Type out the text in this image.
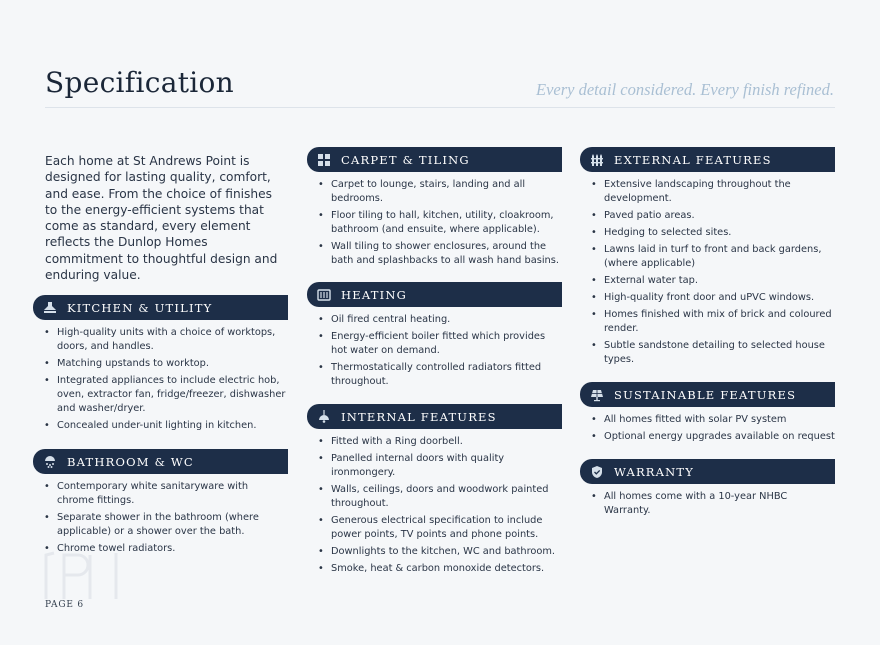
Specification	Every detail considered. Every finish refined.

Each home at St Andrews Point is designed for lasting quality, comfort, and ease. From the choice of finishes to the energy-efficient systems that come as standard, every element reflects the Dunlop Homes commitment to thoughtful design and enduring value.

KITCHEN & UTILITY
• High-quality units with a choice of worktops, doors, and handles.
• Matching upstands to worktop.
• Integrated appliances to include electric hob, oven, extractor fan, fridge/freezer, dishwasher and washer/dryer.
• Concealed under-unit lighting in kitchen.
BATHROOM & WC
• Contemporary white sanitaryware with chrome fittings.
• Separate shower in the bathroom (where applicable) or a shower over the bath.
• Chrome towel radiators.
CARPET & TILING
• Carpet to lounge, stairs, landing and all bedrooms.
• Floor tiling to hall, kitchen, utility, cloakroom, bathroom (and ensuite, where applicable).
• Wall tiling to shower enclosures, around the bath and splashbacks to all wash hand basins.
HEATING
• Oil fired central heating.
• Energy-efficient boiler fitted which provides hot water on demand.
• Thermostatically controlled radiators fitted throughout.
INTERNAL FEATURES
• Fitted with a Ring doorbell.
• Panelled internal doors with quality ironmongery.
• Walls, ceilings, doors and woodwork painted throughout.
• Generous electrical specification to include power points, TV points and phone points.
• Downlights to the kitchen, WC and bathroom.
• Smoke, heat & carbon monoxide detectors.
EXTERNAL FEATURES
• Extensive landscaping throughout the development.
• Paved patio areas.
• Hedging to selected sites.
• Lawns laid in turf to front and back gardens, (where applicable)
• External water tap.
• High-quality front door and uPVC windows.
• Homes finished with mix of brick and coloured render.
• Subtle sandstone detailing to selected house types.
SUSTAINABLE FEATURES
• All homes fitted with solar PV system
• Optional energy upgrades available on request
WARRANTY
• All homes come with a 10-year NHBC Warranty.
PAGE 6
